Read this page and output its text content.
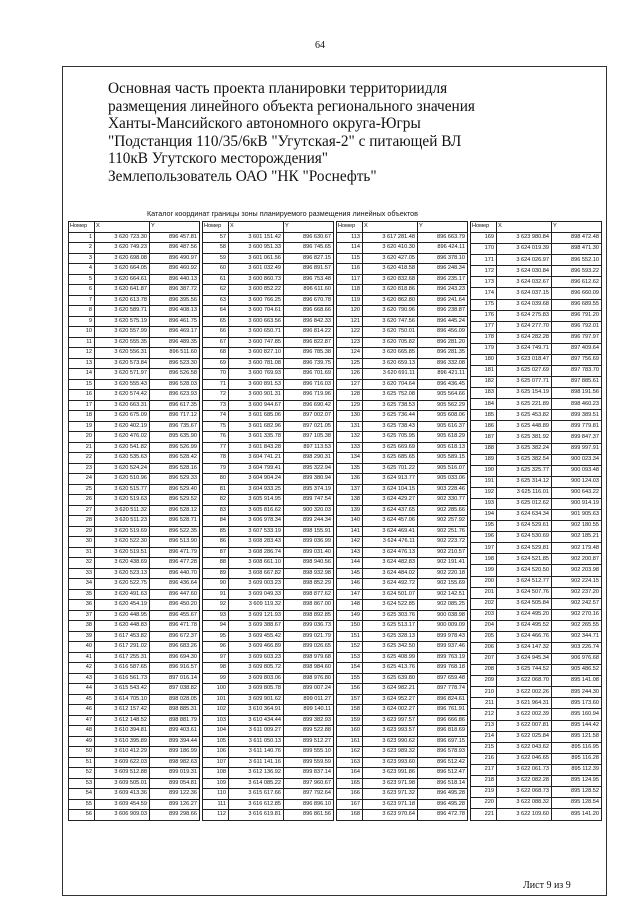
64
Основная часть проекта планировки территориидля
размещения линейного объекта регионального значения
Ханты-Мансийского автономного округа-Югры
"Подстанция 110/35/6кВ "Угутская-2" с питающей ВЛ
110кВ Угутского месторождения"
Землепользователь ОАО "НК "Роснефть"
Каталог координат границы зоны планируемого размещения линейных объектов
Номер	X	Y
1	3 620 723.30	896 457.81
2	3 620 749.23	896 487.56
3	3 620 698.08	896 490.97
4	3 620 664.05	896 460.92
5	3 620 664.61	896 440.13
6	3 620 641.87	896 387.72
7	3 620 613.78	896 395.56
8	3 620 589.71	896 408.13
9	3 620 575.19	896 461.75
10	3 620 557.99	896 469.17
11	3 620 555.35	896 489.35
12	3 620 556.31	896 511.60
13	3 620 573.84	896 523.30
14	3 620 571.97	896 526.58
15	3 620 555.43	896 528.03
16	3 620 574.42	896 623.93
17	3 620 663.31	896 617.35
18	3 620 675.09	896 717.12
19	3 620 402.19	896 735.67
20	3 620 476.02	895 635.90
21	3 620 541.82	896 526.99
22	3 620 535.63	896 528.42
23	3 620 524.24	896 528.16
24	3 620 510.96	896 529.33
25	3 620 515.77	896 529.40
26	3 620 519.63	896 529.52
27	3 620 511.32	896 528.12
28	3 620 511.23	896 528.71
29	3 620 519.69	896 522.35
30	3 620 522.30	896 513.90
31	3 620 519.51	896 471.79
32	3 620 438.69	896 477.28
33	3 620 523.13	896 440.70
34	3 620 522.75	896 436.64
35	3 620 491.63	896 447.60
36	3 620 454.19	896 450.20
37	3 620 448.95	896 455.67
38	3 620 448.83	896 471.78
39	3 617 453.82	896 672.37
40	3 617 291.02	896 683.26
41	3 617 255.31	896 694.30
42	3 616 587.65	896 916.57
43	3 616 561.73	897 016.14
44	3 615 543.42	897 038.82
45	3 614 705.10	898 028.05
46	3 612 157.42	898 885.31
47	3 612 148.52	898 881.79
48	3 610 394.81	899 403.61
49	3 610 395.89	899 394.44
50	3 610 412.29	899 186.99
51	3 609 622.03	898 982.63
52	3 609 512.88	899 019.31
53	3 609 505.01	899 054.81
54	3 609 413.36	899 122.36
55	3 609 454.59	899 126.27
56	3 606 909.03	899 298.66
Номер	X	Y
57	3 601 151.42	896 630.67
58	3 600 951.33	896 745.65
59	3 601 061.56	896 827.15
60	3 601 032.49	896 891.57
61	3 600 860.73	896 753.48
62	3 600 852.22	896 611.60
63	3 600 766.25	896 670.78
64	3 600 704.61	896 668.66
65	3 600 663.56	896 842.33
66	3 600 650.71	896 814.22
67	3 600 747.85	896 822.87
68	3 600 827.10	896 785.38
69	3 600 781.08	896 739.75
70	3 600 769.93	896 701.69
71	3 600 891.53	896 716.03
72	3 600 901.31	896 719.96
73	3 600 944.67	896 690.42
74	3 601 685.06	897 002.07
75	3 601 682.96	897 021.05
76	3 601 335.78	897 105.38
77	3 601 843.28	897 113.53
78	3 604 741.21	898 290.31
79	3 604 799.41	895 322.94
80	3 604 904.24	899 380.94
81	3 604 933.25	895 374.19
82	3 605 914.95	899 747.54
83	3 605 816.62	900 320.03
84	3 606 978.34	899 244.34
85	3 607 533.19	898 155.91
86	3 608 283.43	899 036.99
87	3 608 286.74	899 031.40
88	3 608 661.10	898 940.56
89	3 608 667.82	898 932.98
90	3 609 003.23	898 852.29
91	3 609 049.33	898 877.62
92	3 609 119.32	898 867.00
93	3 609 121.93	898 892.85
94	3 609 388.67	899 036.73
95	3 609 455.42	899 021.79
96	3 609 466.89	899 026.65
97	3 609 603.23	898 979.68
98	3 609 805.72	898 984.60
99	3 609 803.06	898 976.80
100	3 609 805.78	899 007.24
101	3 609 901.62	899 011.27
102	3 610 364.91	899 140.11
103	3 610 434.44	899 382.93
104	3 611 009.27	899 522.88
105	3 611 050.13	899 512.27
106	3 611 140.76	899 555.10
107	3 611 141.16	899 559.59
108	3 612 136.92	899 837.14
109	3 614 085.22	897 960.67
110	3 615 617.66	897 792.64
111	3 616 612.85	896 896.10
112	3 616 619.81	896 861.56
Номер	X	Y
113	3 617 281.48	896 663.79
114	3 620 410.30	896 424.11
115	3 620 427.05	896 378.10
116	3 620 418.58	896 248.34
117	3 620 832.68	896 235.17
118	3 620 818.86	896 243.23
119	3 620 862.80	896 241.64
120	3 620 790.96	896 238.87
121	3 620 747.56	896 445.24
122	3 620 750.01	896 456.09
123	3 620 705.82	896 281.20
124	3 620 665.85	896 281.35
125	3 620 659.13	896 332.08
126	3 620 691.11	896 421.11
127	3 620 704.64	896 436.45
128	3 625 752.08	905 564.66
129	3 625 738.53	905 562.29
130	3 625 736.44	905 608.06
131	3 625 738.43	905 616.37
132	3 625 705.95	905 618.29
133	3 625 669.69	905 618.13
134	3 625 685.65	905 589.15
135	3 625 701.22	905 516.07
136	3 624 913.77	905 033.06
137	3 624 104.15	903 228.46
138	3 624 429.27	902 330.77
139	3 624 437.65	902 285.66
140	3 624 457.06	902 257.92
141	3 624 469.41	902 251.76
142	3 624 476.11	902 223.72
143	3 624 476.13	902 210.57
144	3 624 482.83	902 191.41
145	3 624 484.02	902 220.18
146	3 624 492.72	902 155.69
147	3 624 501.07	902 142.51
148	3 624 522.85	902 085.25
149	3 625 303.76	900 038.98
150	3 625 513.17	900 009.09
151	3 625 328.13	899 978.43
152	3 625 342.50	899 937.46
153	3 625 408.99	899 763.19
154	3 625 413.76	899 768.18
155	3 625 639.80	897 659.48
156	3 624 982.21	897 778.74
157	3 624 952.27	896 824.61
158	3 624 002.27	896 761.91
159	3 623 997.57	896 666.86
160	3 623 993.57	896 818.69
161	3 623 990.62	896 697.15
162	3 623 989.32	896 578.93
163	3 623 993.60	896 512.42
164	3 623 991.86	896 512.47
165	3 623 971.98	896 518.14
166	3 623 971.32	896 495.28
167	3 623 971.18	896 495.28
168	3 623 970.64	896 472.78
Номер	X	Y
169	3 623 980.84	898 472.48
170	3 624 019.39	898 471.30
171	3 624 026.97	896 552.10
172	3 624 030.84	896 593.22
173	3 624 032.67	896 612.62
174	3 624 037.15	896 660.09
175	3 624 039.68	896 689.55
176	3 624 275.83	896 791.20
177	3 624 277.70	896 792.01
178	3 624 282.28	896 797.97
179	3 624 749.71	897 409.64
180	3 623 018.47	897 756.69
181	3 625 027.69	897 783.70
182	3 625 077.71	897 885.61
183	3 625 154.19	898 191.56
184	3 625 221.89	898 460.23
185	3 625 453.82	899 389.51
186	3 625 448.89	899 779.81
187	3 625 381.92	899 847.37
188	3 625 382.24	899 997.91
189	3 625 382.54	900 023.34
190	3 625 325.77	900 093.48
191	3 625 314.12	900 124.03
192	3 625 116.01	900 643.22
193	3 625 012.62	900 914.19
194	3 624 634.34	901 905.63
195	3 624 529.61	902 180.55
196	3 624 530.69	902 185.21
197	3 624 529.81	902 179.48
198	3 624 521.85	902 200.87
199	3 624 520.50	902 203.98
200	3 624 512.77	902 224.15
201	3 624 507.76	902 237.20
202	3 624 505.84	902 242.57
203	3 624 495.20	902 270.16
204	3 624 495.52	902 265.55
205	3 624 466.76	902 344.71
206	3 624 147.32	903 226.74
207	3 624 945.34	906 976.68
208	3 625 744.52	905 486.52
209	3 622 068.70	895 141.08
210	3 622 002.26	895 244.30
211	3 621 964.31	895 173.60
212	3 622 002.39	895 160.94
213	3 622 007.81	895 144.42
214	3 622 025.84	895 121.58
215	3 622 043.62	895 116.95
216	3 622 046.65	895 116.28
217	3 622 061.73	895 112.39
218	3 622 082.28	895 124.95
219	3 622 068.73	895 128.52
220	3 622 088.32	895 128.54
221	3 622 109.60	895 141.20
Лист 9 из 9
